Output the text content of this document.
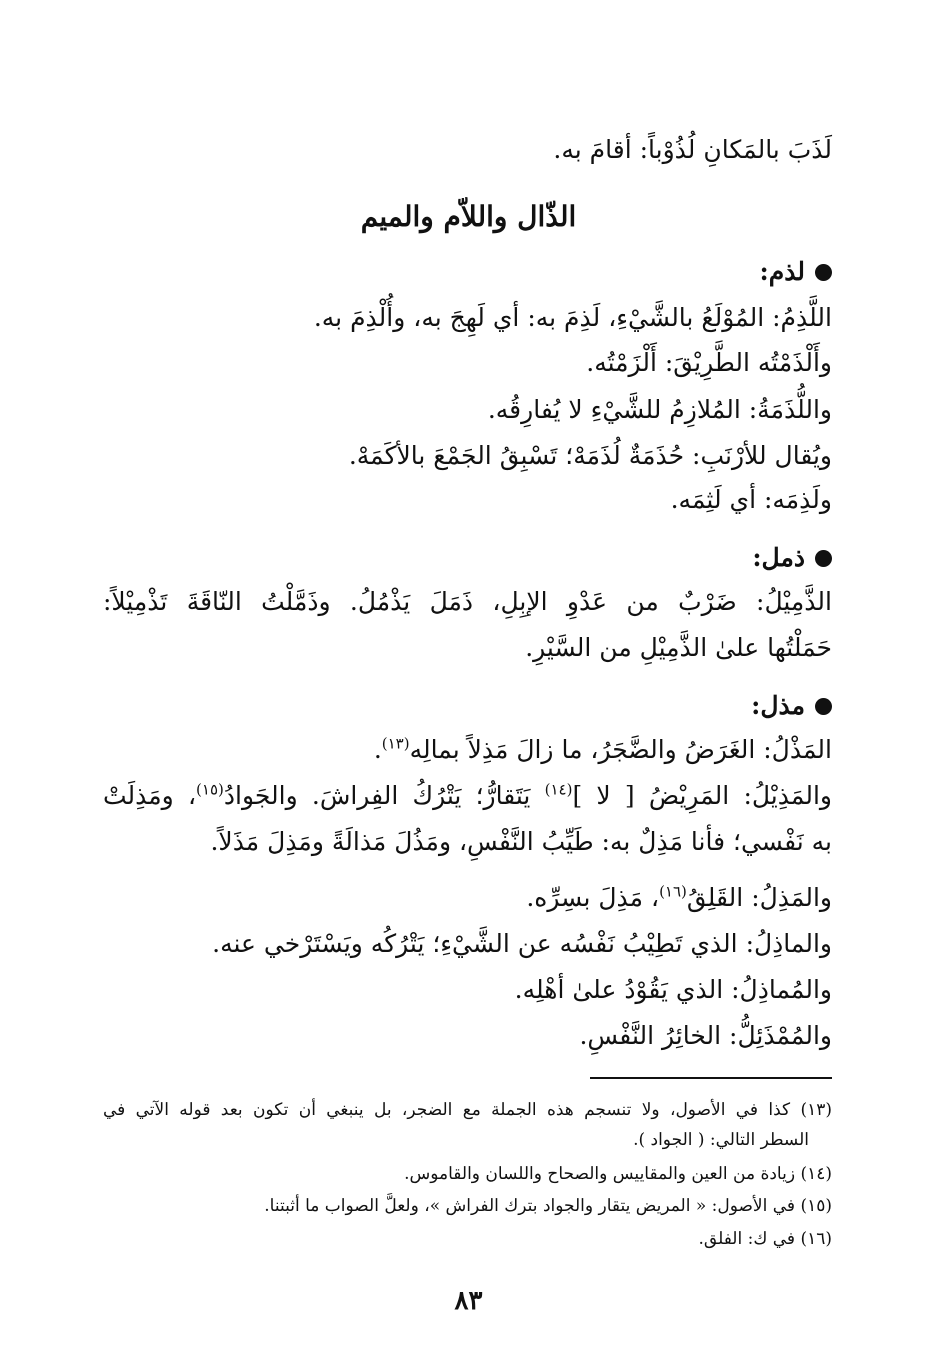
لَذَبَ بالمَكانِ لُذُوْباً: أقامَ به.
الذّال واللاّم والميم
لذم:
اللَّذِمُ: المُوْلَعُ بالشَّيْءِ، لَذِمَ به: أي لَهِجَ به، وأُلْذِمَ به.
وأَلْذَمْتُه الطَّرِيْقَ: أَلْزَمْتُه.
واللُّذَمَةُ: المُلازِمُ للشَّيْءِ لا يُفارِقُه.
ويُقال للأرْنَبِ: حُذَمَةٌ لُذَمَهْ؛ تَسْبِقُ الجَمْعَ بالأكَمَهْ.
ولَذِمَه: أي لَثِمَه.
ذمل:
الذَّمِيْلُ: ضَرْبٌ من عَدْوِ الإبِلِ، ذَمَلَ يَذْمُلُ. وذَمَّلْتُ النّاقَةَ تَذْمِيْلاً:
حَمَلْتُها علىٰ الذَّمِيْلِ من السَّيْرِ.
مذل:
المَذْلُ: الغَرَضُ والضَّجَرُ، ما زالَ مَذِلاً بمالِه$^{(١٣)}$.
والمَذِيْلُ: المَرِيْضُ [ لا ]$^{(١٤)}$ يَتَقارُّ؛ يَتْرُكُ الفِراشَ. والجَوادُ$^{(١٥)}$، ومَذِلَتْ
به نَفْسي؛ فأنا مَذِلٌ به: طَيِّبُ النَّفْسِ، ومَذُلَ مَذالَةً ومَذِلَ مَذَلاً.
والمَذِلُ: القَلِقُ$^{(١٦)}$، مَذِلَ بسِرِّه.
والماذِلُ: الذي تَطِيْبُ نَفْسُه عن الشَّيْءِ؛ يَتْرُكُه ويَسْتَرْخي عنه.
والمُماذِلُ: الذي يَقُوْدُ علىٰ أهْلِه.
والمُمْذَئِلُّ: الخائِرُ النَّفْسِ.
(١٣) كذا في الأصول، ولا تنسجم هذه الجملة مع الضجر، بل ينبغي أن تكون بعد قوله الآتي في
السطر التالي: ( الجواد ).
(١٤) زيادة من العين والمقاييس والصحاح واللسان والقاموس.
(١٥) في الأصول: « المريض يتقار والجواد بترك الفراش »، ولعلَّ الصواب ما أثبتنا.
(١٦) في ك: الفلق.
٨٣
